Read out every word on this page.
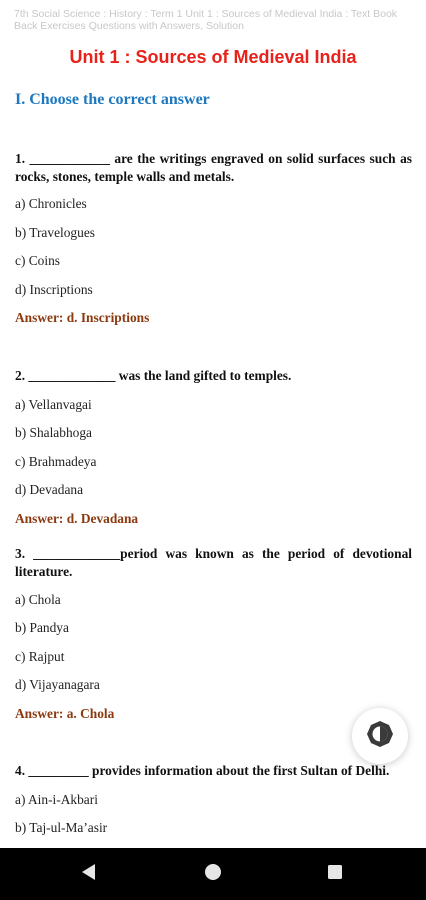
7th Social Science : History : Term 1 Unit 1 : Sources of Medieval India : Text Book Back Exercises Questions with Answers, Solution
Unit 1 : Sources of Medieval India
I. Choose the correct answer
1. ____________ are the writings engraved on solid surfaces such as rocks, stones, temple walls and metals.
a) Chronicles
b) Travelogues
c) Coins
d) Inscriptions
Answer: d. Inscriptions
2. _____________ was the land gifted to temples.
a) Vellanvagai
b) Shalabhoga
c) Brahmadeya
d) Devadana
Answer: d. Devadana
3. _____________period was known as the period of devotional literature.
a) Chola
b) Pandya
c) Rajput
d) Vijayanagara
Answer: a. Chola
4. _________ provides information about the first Sultan of Delhi.
a) Ain-i-Akbari
b) Taj-ul-Ma’asir
